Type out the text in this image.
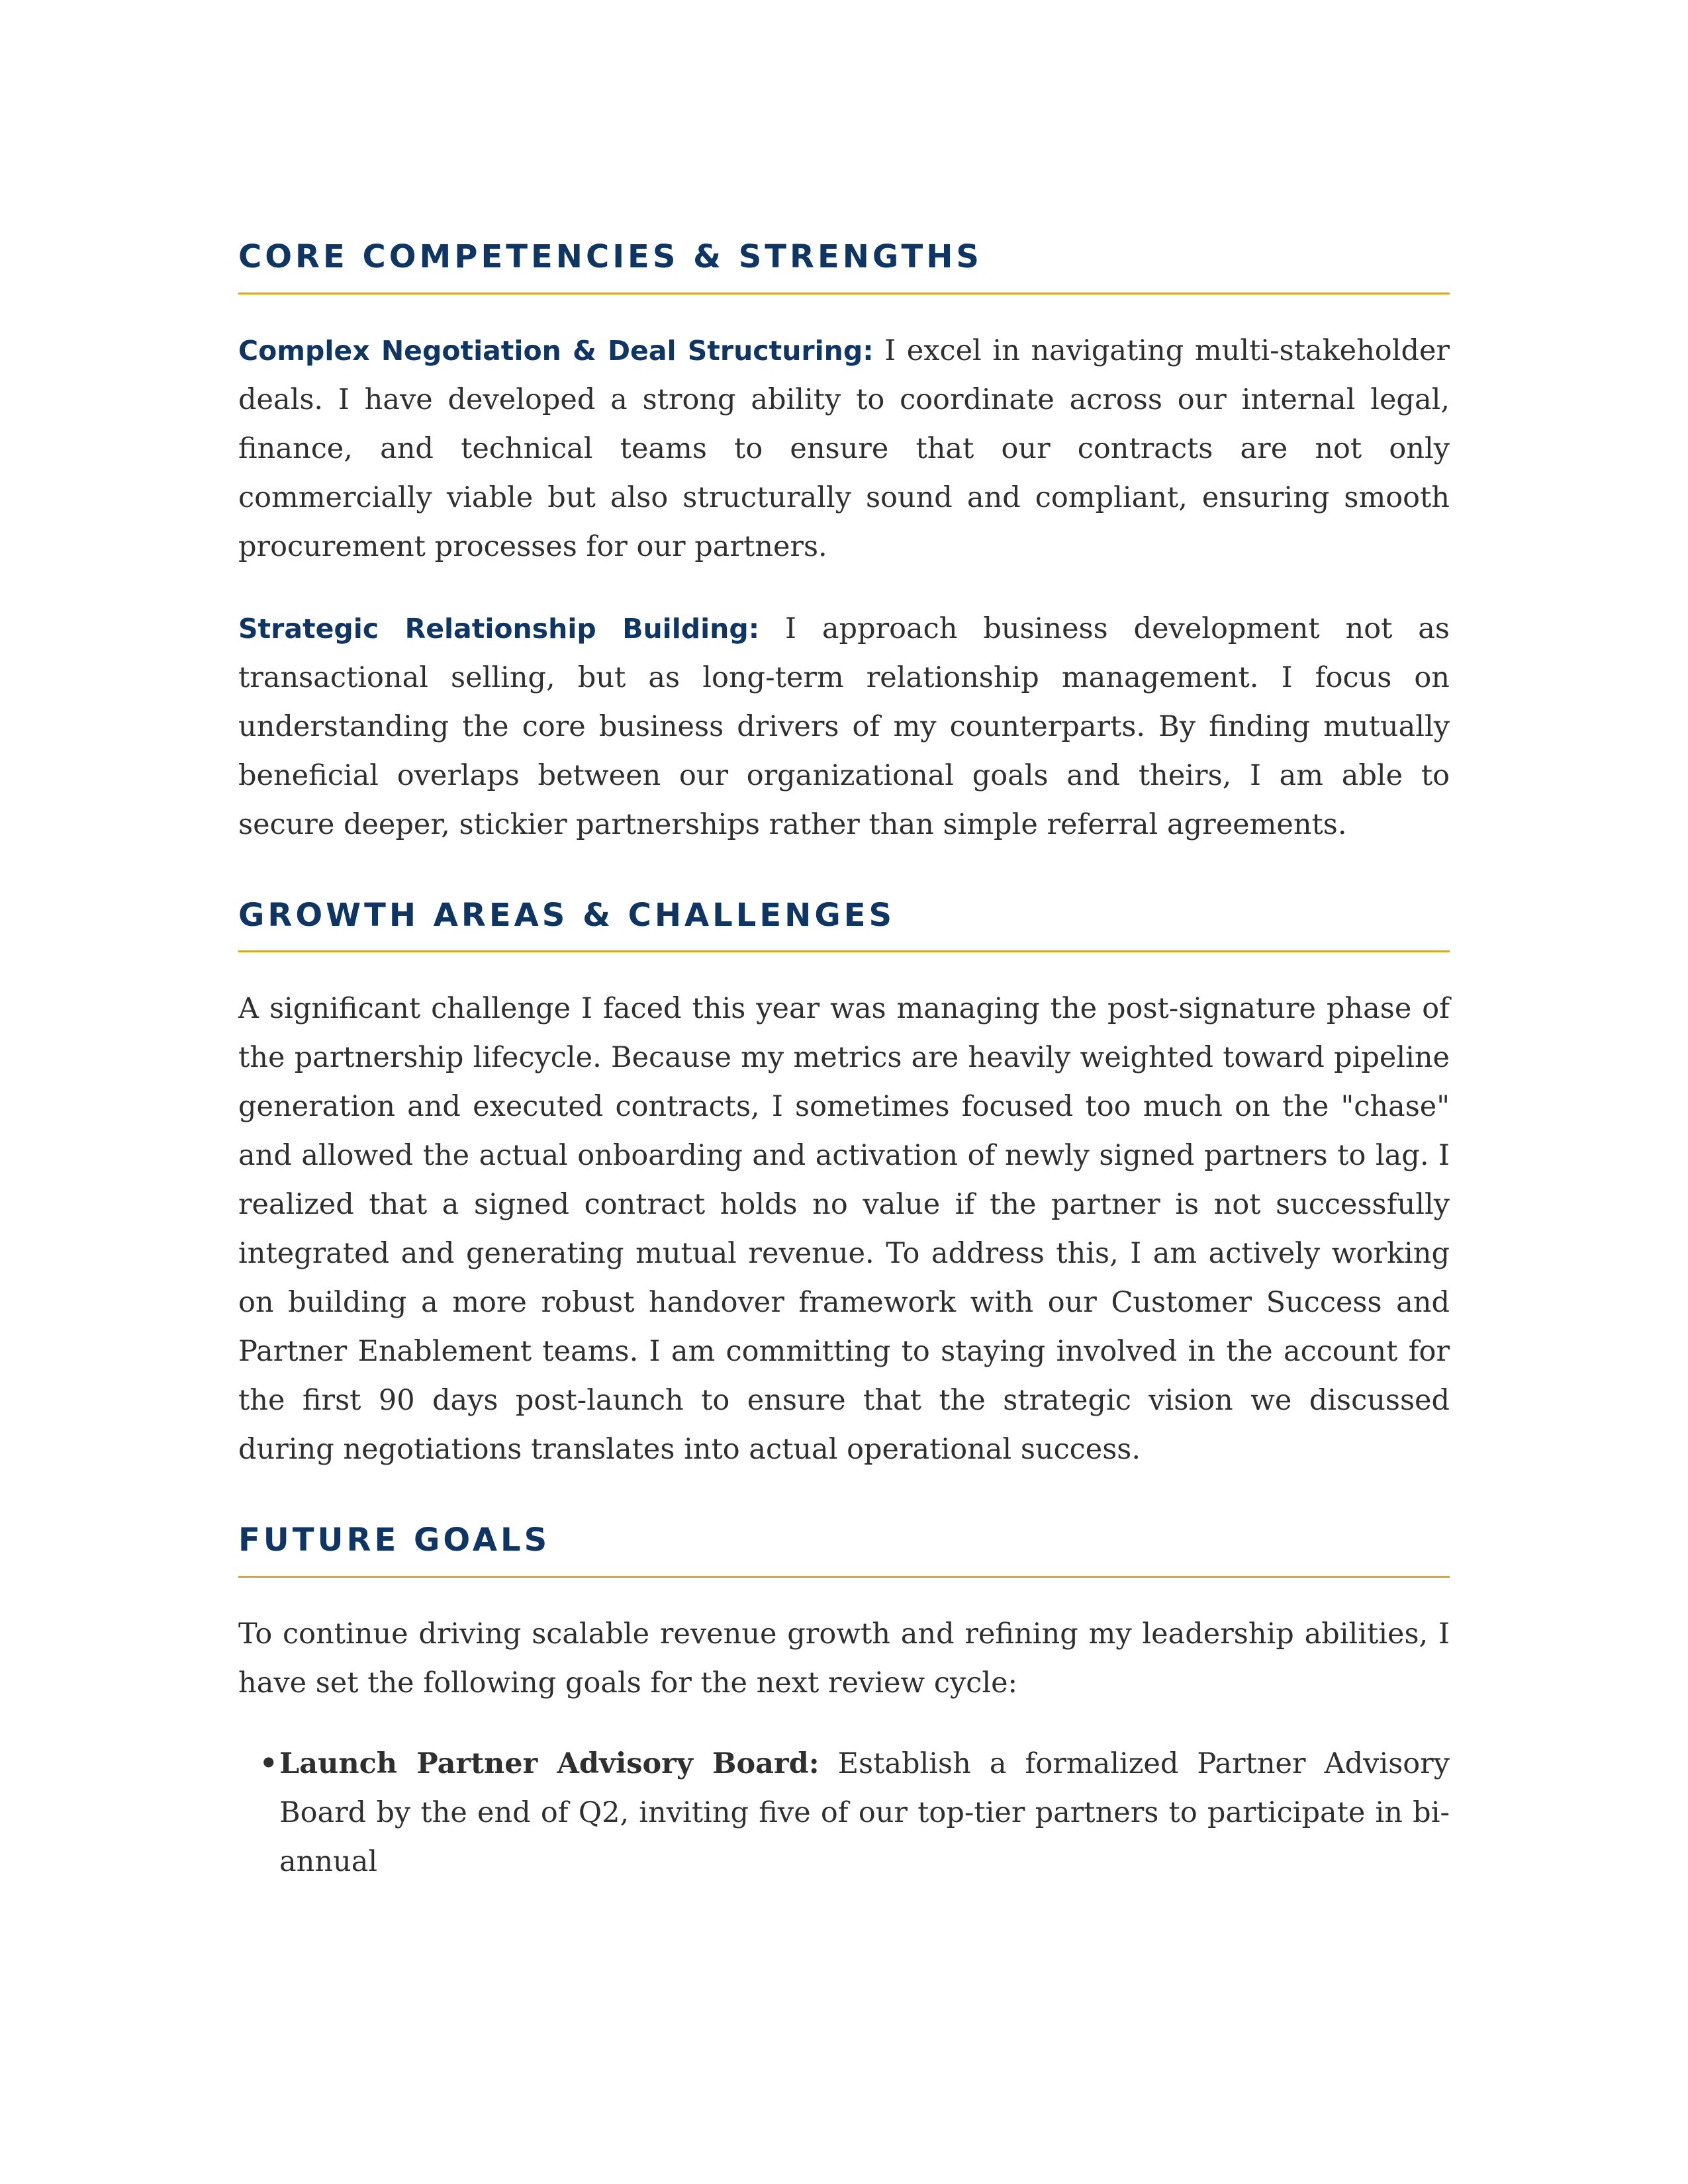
CORE COMPETENCIES & STRENGTHS

Complex Negotiation & Deal Structuring: I excel in navigating multi-stakeholder deals. I have developed a strong ability to coordinate across our internal legal, finance, and technical teams to ensure that our contracts are not only commercially viable but also structurally sound and compliant, ensuring smooth procurement processes for our partners.

Strategic Relationship Building: I approach business development not as transactional selling, but as long-term relationship management. I focus on understanding the core business drivers of my counterparts. By finding mutually beneficial overlaps between our organizational goals and theirs, I am able to secure deeper, stickier partnerships rather than simple referral agreements.

GROWTH AREAS & CHALLENGES

A significant challenge I faced this year was managing the post-signature phase of the partnership lifecycle. Because my metrics are heavily weighted toward pipeline generation and executed contracts, I sometimes focused too much on the "chase" and allowed the actual onboarding and activation of newly signed partners to lag. I realized that a signed contract holds no value if the partner is not successfully integrated and generating mutual revenue. To address this, I am actively working on building a more robust handover framework with our Customer Success and Partner Enablement teams. I am committing to staying involved in the account for the first 90 days post-launch to ensure that the strategic vision we discussed during negotiations translates into actual operational success.

FUTURE GOALS

To continue driving scalable revenue growth and refining my leadership abilities, I have set the following goals for the next review cycle:

• Launch Partner Advisory Board: Establish a formalized Partner Advisory Board by the end of Q2, inviting five of our top-tier partners to participate in bi-annual
